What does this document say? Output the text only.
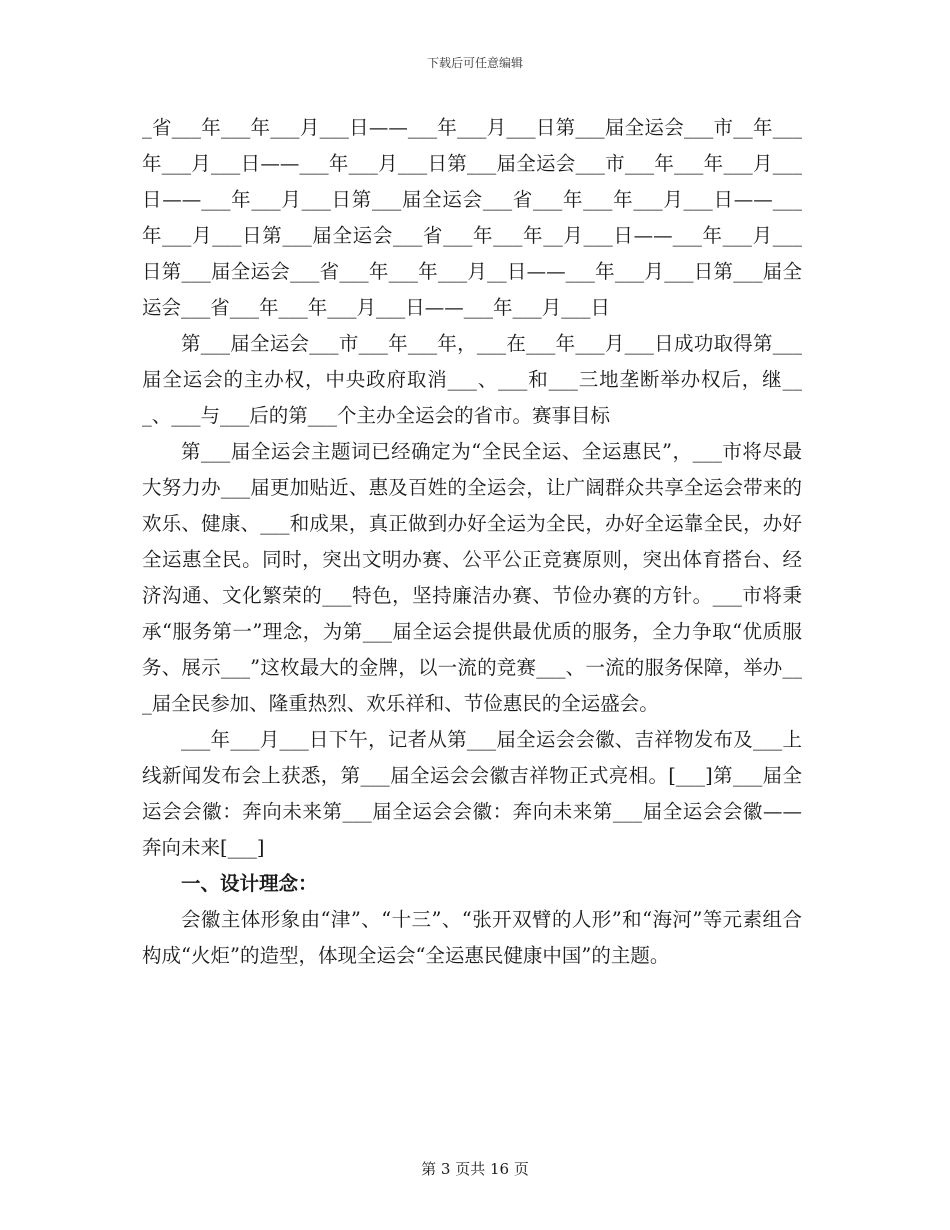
下载后可任意编辑

_省___年___年___月___日——___年___月___日第___届全运会___市__年___年___月___日——___年___月___日第___届全运会___市___年___年___月___日——___年___月___日第___届全运会___省___年___年___月___日——___年___月___日第___届全运会___省___年___年__月___日——___年___月___日第___届全运会___省___年___年___月__日——___年___月___日第___届全运会___省___年___年___月___日——___年___月___日

第___届全运会___市___年___年，___在___年___月___日成功取得第___届全运会的主办权，中央政府取消___、___和___三地垄断举办权后，继___、___与___后的第___个主办全运会的省市。赛事目标

第___届全运会主题词已经确定为“全民全运、全运惠民”，___市将尽最大努力办___届更加贴近、惠及百姓的全运会，让广阔群众共享全运会带来的欢乐、健康、___和成果，真正做到办好全运为全民，办好全运靠全民，办好全运惠全民。同时，突出文明办赛、公平公正竞赛原则，突出体育搭台、经济沟通、文化繁荣的___特色，坚持廉洁办赛、节俭办赛的方针。___市将秉承“服务第一”理念，为第___届全运会提供最优质的服务，全力争取“优质服务、展示___”这枚最大的金牌，以一流的竞赛___、一流的服务保障，举办___届全民参加、隆重热烈、欢乐祥和、节俭惠民的全运盛会。

___年___月___日下午，记者从第___届全运会会徽、吉祥物发布及___上线新闻发布会上获悉，第___届全运会会徽吉祥物正式亮相。[___]第___届全运会会徽：奔向未来第___届全运会会徽：奔向未来第___届全运会会徽——奔向未来[___]

一、设计理念：

会徽主体形象由“津”、“十三”、“张开双臂的人形”和“海河”等元素组合构成“火炬”的造型，体现全运会“全运惠民健康中国”的主题。

第 3 页共 16 页
